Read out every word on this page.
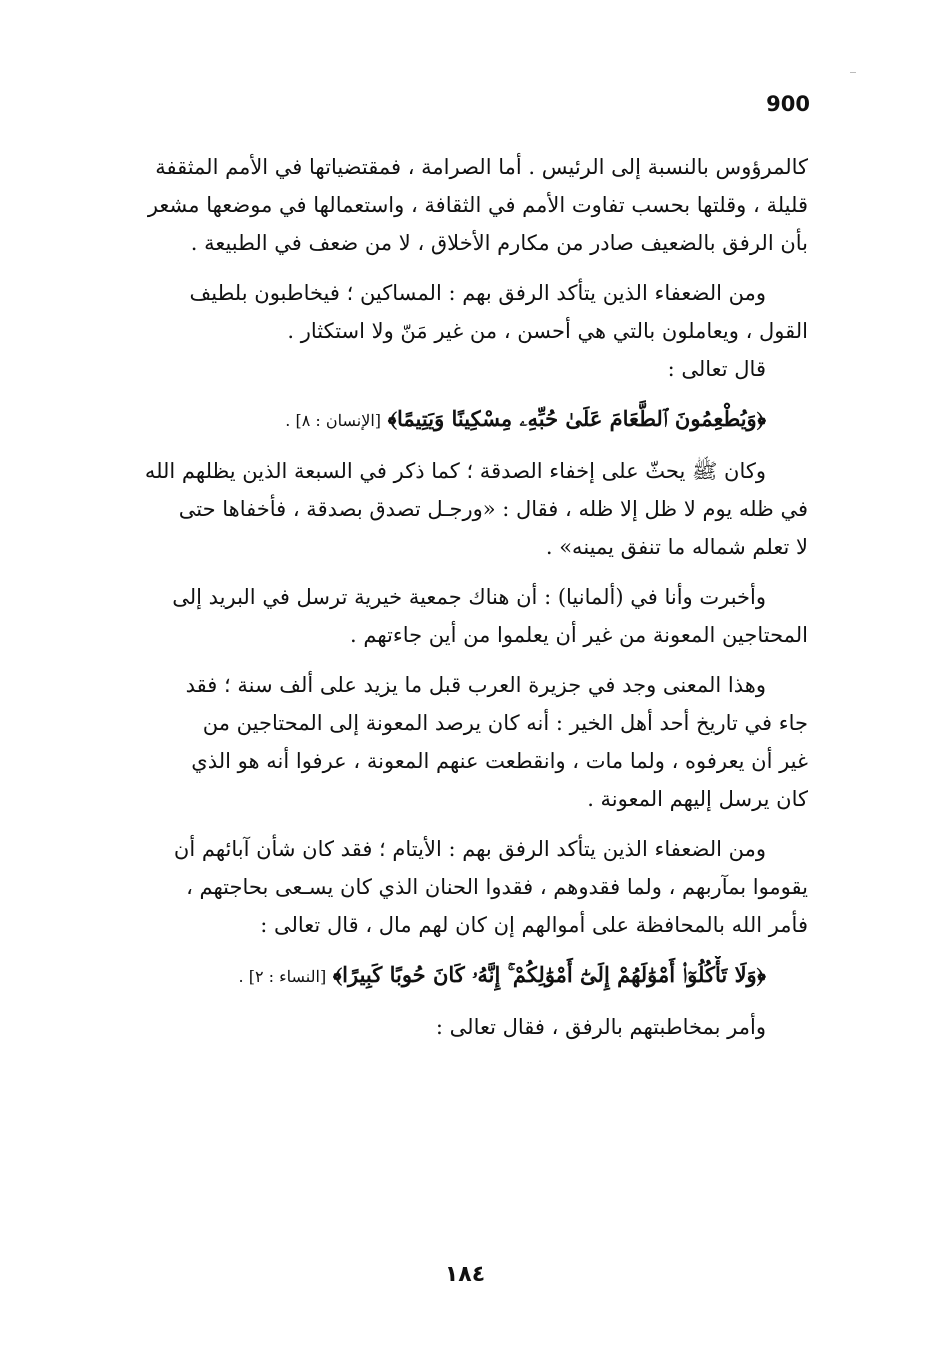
900

كالمرؤوس بالنسبة إلى الرئيس . أما الصرامة ، فمقتضياتها في الأمم المثقفة
قليلة ، وقلتها بحسب تفاوت الأمم في الثقافة ، واستعمالها في موضعها مشعر
بأن الرفق بالضعيف صادر من مكارم الأخلاق ، لا من ضعف في الطبيعة .

ومن الضعفاء الذين يتأكد الرفق بهم : المساكين ؛ فيخاطبون بلطيف
القول ، ويعاملون بالتي هي أحسن ، من غير مَنّ ولا استكثار .
قال تعالى :

﴿وَيُطْعِمُونَ ٱلطَّعَامَ عَلَىٰ حُبِّهِۦ مِسْكِينًا وَيَتِيمًا﴾ [الإنسان : ٨] .

وكان ﷺ يحثّ على إخفاء الصدقة ؛ كما ذكر في السبعة الذين يظلهم الله
في ظله يوم لا ظل إلا ظله ، فقال : «ورجـل تصدق بصدقة ، فأخفاها حتى
لا تعلم شماله ما تنفق يمينه» .

وأخبرت وأنا في (ألمانيا) : أن هناك جمعية خيرية ترسل في البريد إلى
المحتاجين المعونة من غير أن يعلموا من أين جاءتهم .

وهذا المعنى وجد في جزيرة العرب قبل ما يزيد على ألف سنة ؛ فقد
جاء في تاريخ أحد أهل الخير : أنه كان يرصد المعونة إلى المحتاجين من
غير أن يعرفوه ، ولما مات ، وانقطعت عنهم المعونة ، عرفوا أنه هو الذي
كان يرسل إليهم المعونة .

ومن الضعفاء الذين يتأكد الرفق بهم : الأيتام ؛ فقد كان شأن آبائهم أن
يقوموا بمآربهم ، ولما فقدوهم ، فقدوا الحنان الذي كان يسـعى بحاجتهم ،
فأمر الله بالمحافظة على أموالهم إن كان لهم مال ، قال تعالى :

﴿وَلَا تَأْكُلُوٓا۟ أَمْوَٰلَهُمْ إِلَىٰٓ أَمْوَٰلِكُمْ ۚ إِنَّهُۥ كَانَ حُوبًا كَبِيرًا﴾ [النساء : ٢] .

وأمر بمخاطبتهم بالرفق ، فقال تعالى :

١٨٤
